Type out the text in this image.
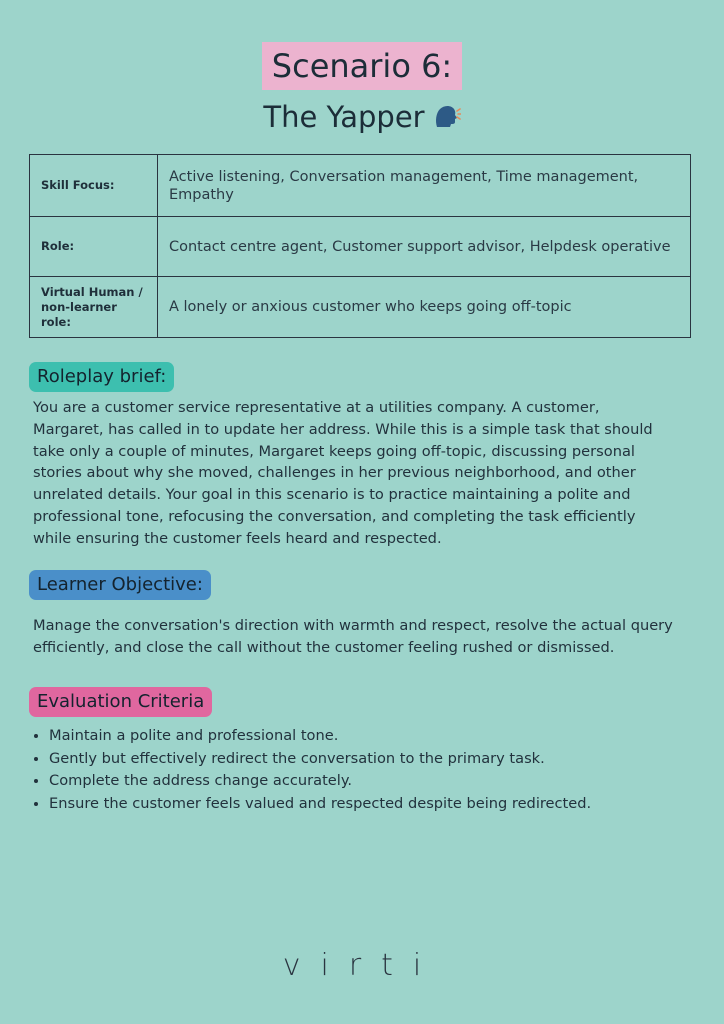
Scenario 6:
The Yapper
Skill Focus:	Active listening, Conversation management, Time management, Empathy
Role:	Contact centre agent, Customer support advisor, Helpdesk operative
Virtual Human / non-learner role:	A lonely or anxious customer who keeps going off-topic
Roleplay brief:
You are a customer service representative at a utilities company. A customer, Margaret, has called in to update her address. While this is a simple task that should take only a couple of minutes, Margaret keeps going off-topic, discussing personal stories about why she moved, challenges in her previous neighborhood, and other unrelated details. Your goal in this scenario is to practice maintaining a polite and professional tone, refocusing the conversation, and completing the task efficiently while ensuring the customer feels heard and respected.
Learner Objective:
Manage the conversation's direction with warmth and respect, resolve the actual query efficiently, and close the call without the customer feeling rushed or dismissed.
Evaluation Criteria
• Maintain a polite and professional tone.
• Gently but effectively redirect the conversation to the primary task.
• Complete the address change accurately.
• Ensure the customer feels valued and respected despite being redirected.
virti
